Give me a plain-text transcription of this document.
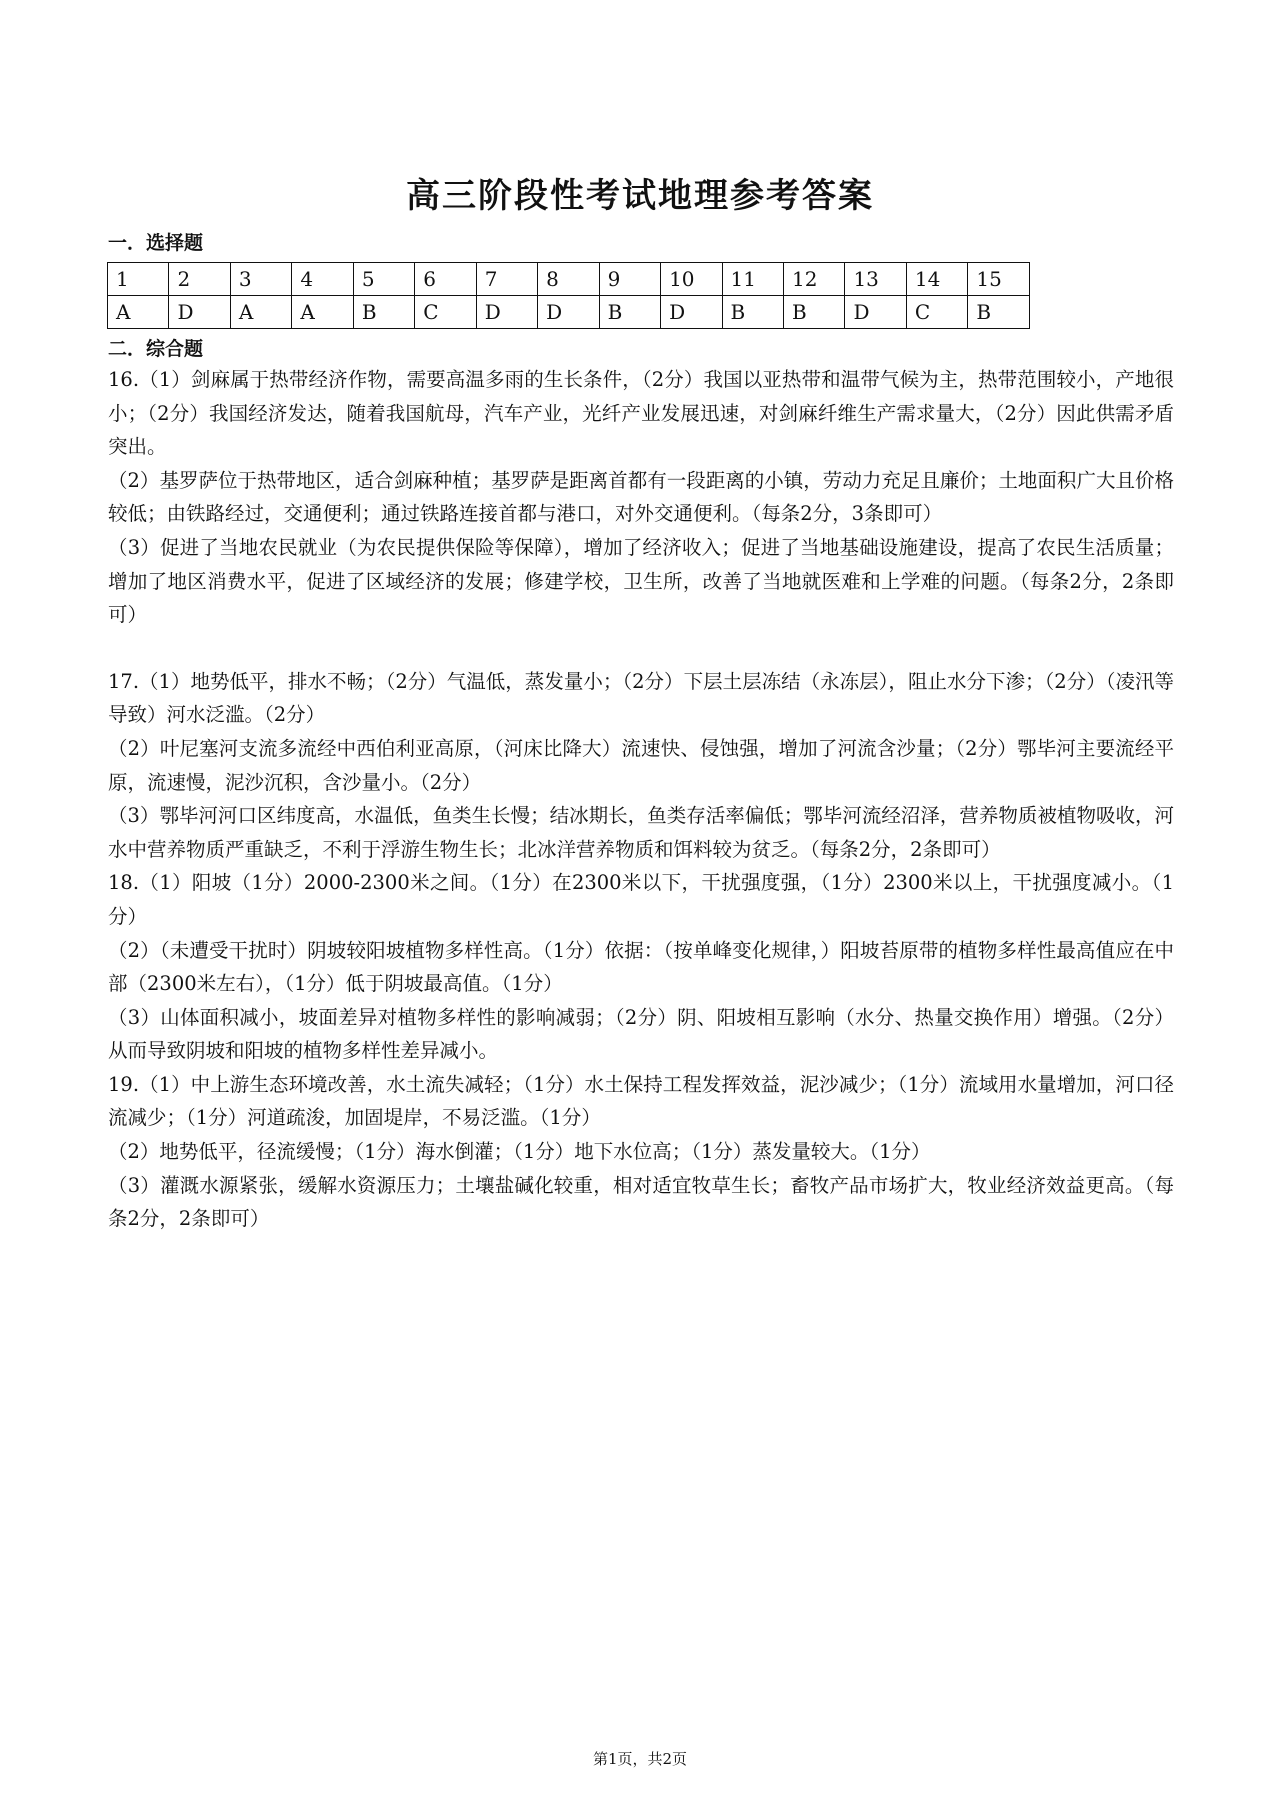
高三阶段性考试地理参考答案
一．选择题
1	2	3	4	5	6	7	8	9	10	11	12	13	14	15
A	D	A	A	B	C	D	D	B	D	B	B	D	C	B
二．综合题

16.（1）剑麻属于热带经济作物，需要高温多雨的生长条件，（2分）我国以亚热带和温带气候为主，热带范围较小，产地很小；（2分）我国经济发达，随着我国航母，汽车产业，光纤产业发展迅速，对剑麻纤维生产需求量大，（2分）因此供需矛盾突出。

（2）基罗萨位于热带地区，适合剑麻种植；基罗萨是距离首都有一段距离的小镇，劳动力充足且廉价；土地面积广大且价格较低；由铁路经过，交通便利；通过铁路连接首都与港口，对外交通便利。（每条2分，3条即可）

（3）促进了当地农民就业（为农民提供保险等保障），增加了经济收入；促进了当地基础设施建设，提高了农民生活质量；增加了地区消费水平，促进了区域经济的发展；修建学校，卫生所，改善了当地就医难和上学难的问题。（每条2分，2条即可）

17.（1）地势低平，排水不畅；（2分）气温低，蒸发量小；（2分）下层土层冻结（永冻层），阻止水分下渗；（2分）（凌汛等导致）河水泛滥。（2分）

（2）叶尼塞河支流多流经中西伯利亚高原，（河床比降大）流速快、侵蚀强，增加了河流含沙量；（2分）鄂毕河主要流经平原，流速慢，泥沙沉积，含沙量小。（2分）

（3）鄂毕河河口区纬度高，水温低，鱼类生长慢；结冰期长，鱼类存活率偏低；鄂毕河流经沼泽，营养物质被植物吸收，河水中营养物质严重缺乏，不利于浮游生物生长；北冰洋营养物质和饵料较为贫乏。（每条2分，2条即可）

18.（1）阳坡（1分）2000-2300米之间。（1分）在2300米以下，干扰强度强，（1分）2300米以上，干扰强度减小。（1分）

（2）（未遭受干扰时）阴坡较阳坡植物多样性高。（1分）依据：（按单峰变化规律，）阳坡苔原带的植物多样性最高值应在中部（2300米左右），（1分）低于阴坡最高值。（1分）

（3）山体面积减小，坡面差异对植物多样性的影响减弱；（2分）阴、阳坡相互影响（水分、热量交换作用）增强。（2分）从而导致阴坡和阳坡的植物多样性差异减小。

19.（1）中上游生态环境改善，水土流失减轻；（1分）水土保持工程发挥效益，泥沙减少；（1分）流域用水量增加，河口径流减少；（1分）河道疏浚，加固堤岸，不易泛滥。（1分）

（2）地势低平，径流缓慢；（1分）海水倒灌；（1分）地下水位高；（1分）蒸发量较大。（1分）

（3）灌溉水源紧张，缓解水资源压力；土壤盐碱化较重，相对适宜牧草生长；畜牧产品市场扩大，牧业经济效益更高。（每条2分，2条即可）

第1页，共2页
